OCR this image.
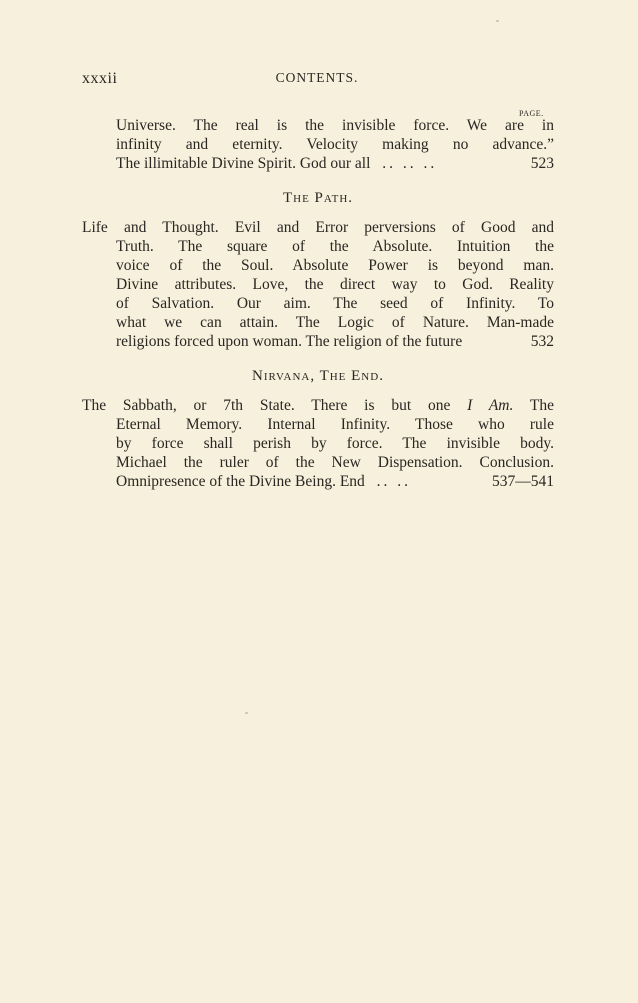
xxxii	CONTENTS.
PAGE.
Universe. The real is the invisible force. We are in
infinity and eternity. Velocity making no advance.”
The illimitable Divine Spirit. God our all .. .. ..	523
The Path.
Life and Thought. Evil and Error perversions of Good and
Truth. The square of the Absolute. Intuition the
voice of the Soul. Absolute Power is beyond man.
Divine attributes. Love, the direct way to God. Reality
of Salvation. Our aim. The seed of Infinity. To
what we can attain. The Logic of Nature. Man-made
religions forced upon woman. The religion of the future	532
Nirvana, The End.
The Sabbath, or 7th State. There is but one I Am. The
Eternal Memory. Internal Infinity. Those who rule
by force shall perish by force. The invisible body.
Michael the ruler of the New Dispensation. Conclusion.
Omnipresence of the Divine Being. End .. ..	537—541
